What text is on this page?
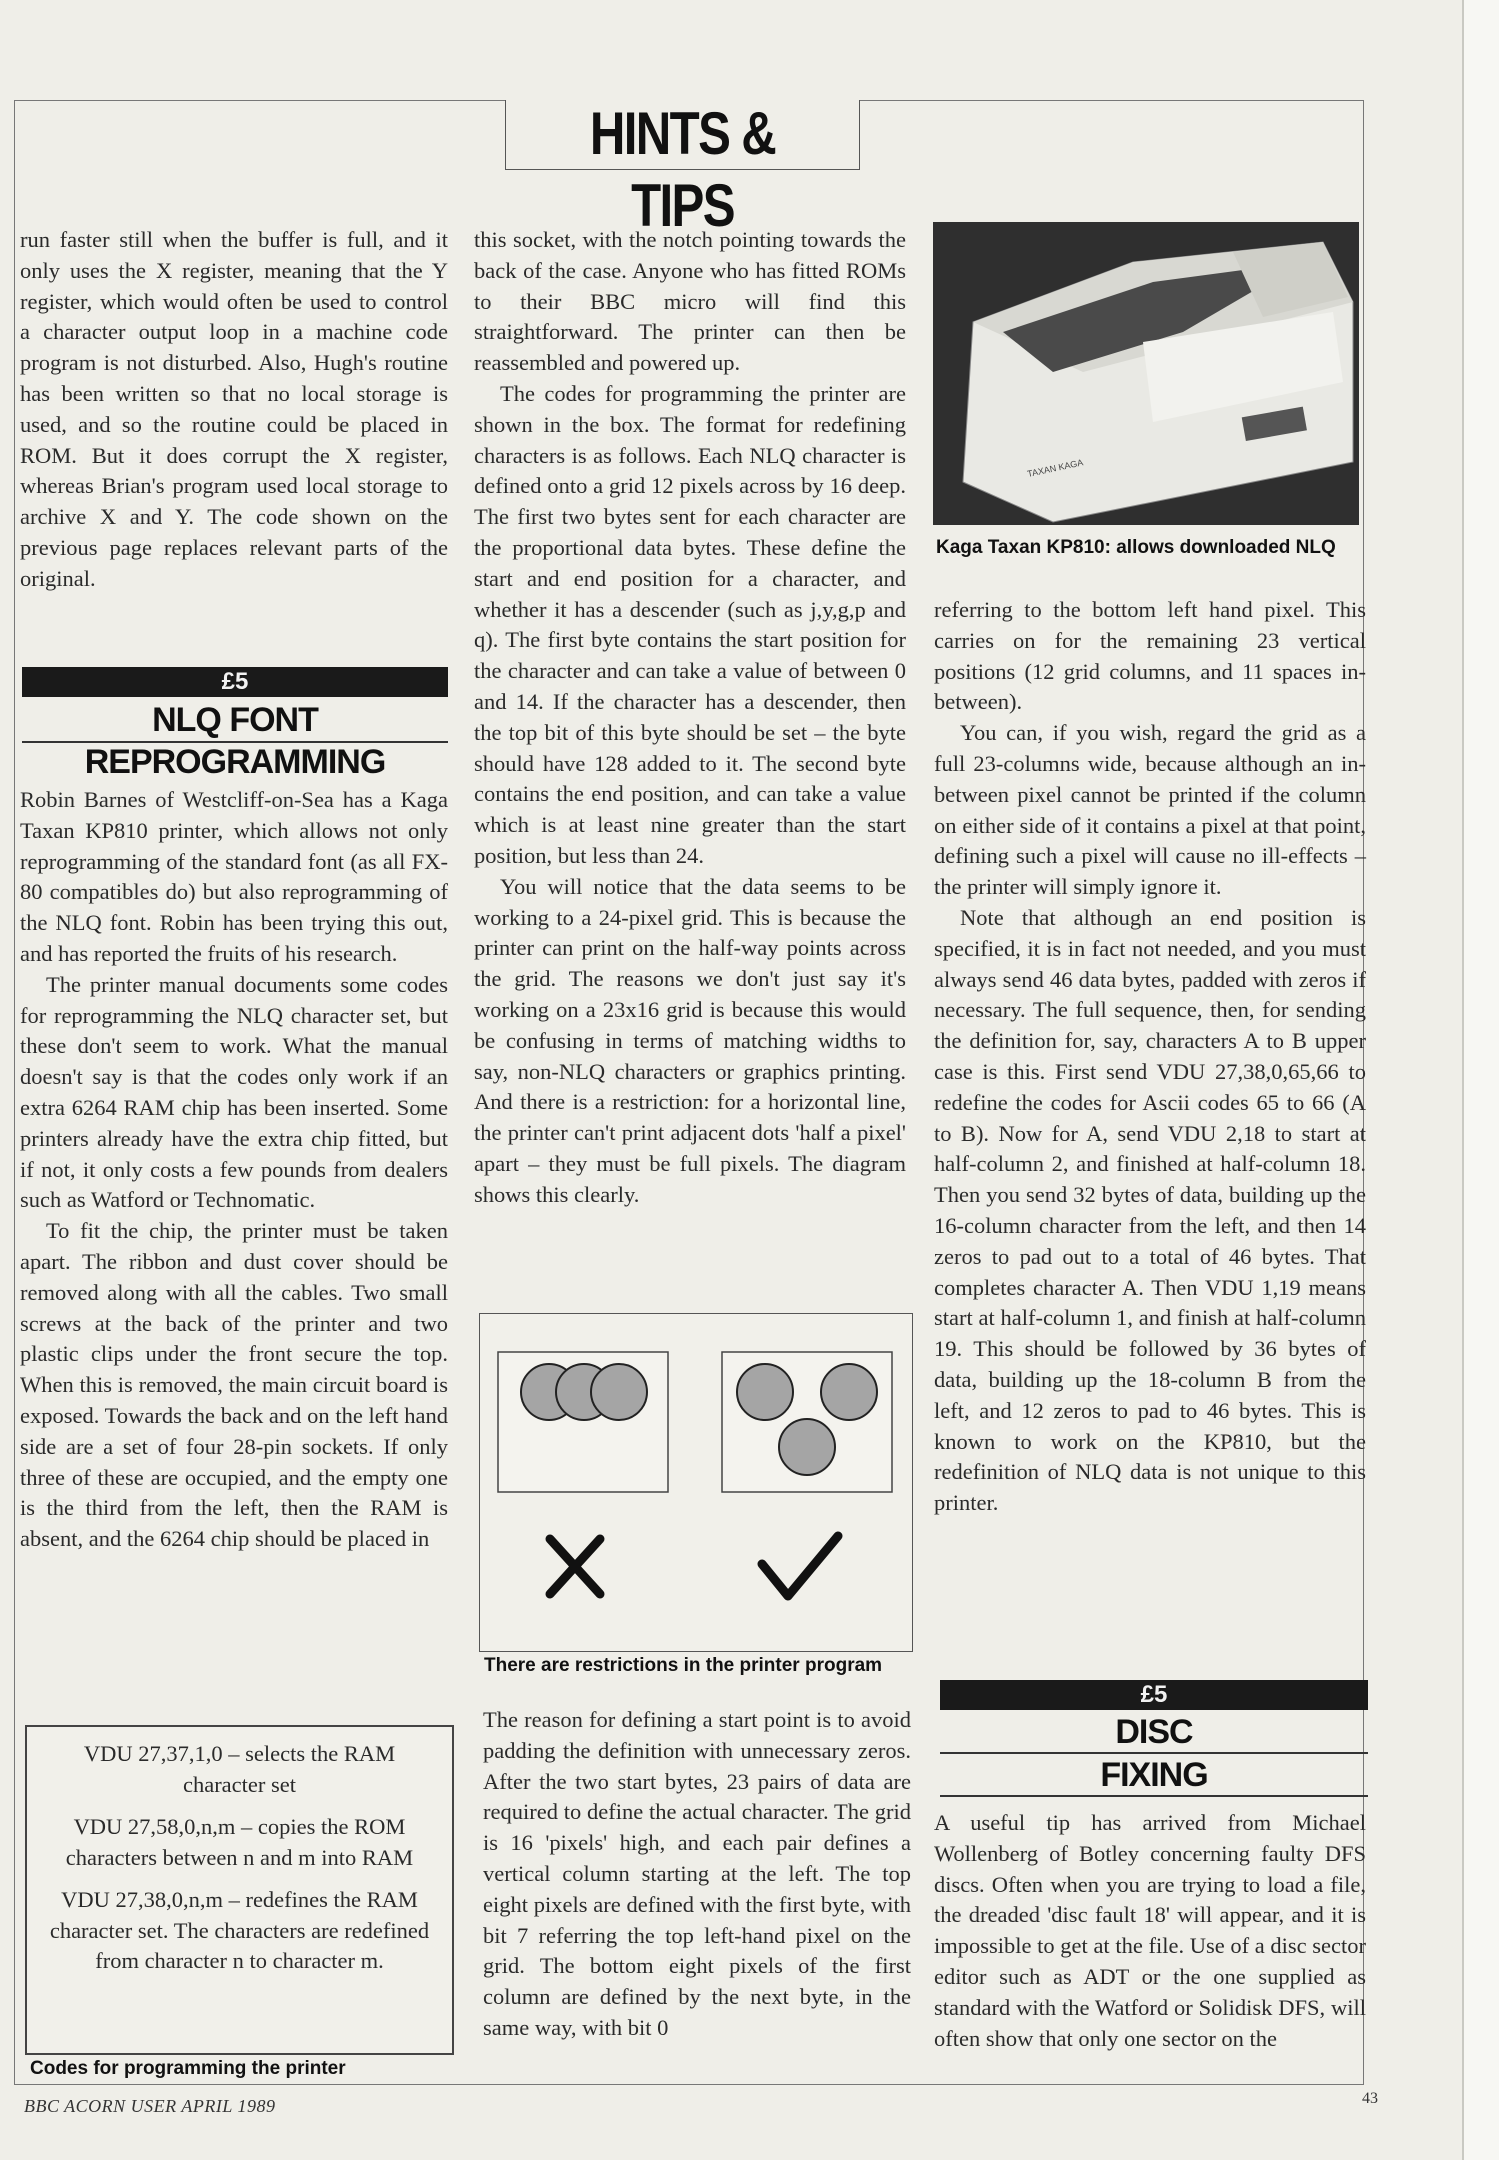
HINTS & TIPS

run faster still when the buffer is full, and it only uses the X register, meaning that the Y register, which would often be used to control a character output loop in a machine code program is not disturbed. Also, Hugh's routine has been written so that no local storage is used, and so the routine could be placed in ROM. But it does corrupt the X register, whereas Brian's program used local storage to archive X and Y. The code shown on the previous page replaces relevant parts of the original.

£5
NLQ FONT
REPROGRAMMING

Robin Barnes of Westcliff-on-Sea has a Kaga Taxan KP810 printer, which allows not only reprogramming of the standard font (as all FX-80 compatibles do) but also reprogramming of the NLQ font. Robin has been trying this out, and has reported the fruits of his research.

The printer manual documents some codes for reprogramming the NLQ character set, but these don't seem to work. What the manual doesn't say is that the codes only work if an extra 6264 RAM chip has been inserted. Some printers already have the extra chip fitted, but if not, it only costs a few pounds from dealers such as Watford or Technomatic.

To fit the chip, the printer must be taken apart. The ribbon and dust cover should be removed along with all the cables. Two small screws at the back of the printer and two plastic clips under the front secure the top. When this is removed, the main circuit board is exposed. Towards the back and on the left hand side are a set of four 28-pin sockets. If only three of these are occupied, and the empty one is the third from the left, then the RAM is absent, and the 6264 chip should be placed in

VDU 27,37,1,0 – selects the RAM character set

VDU 27,58,0,n,m – copies the ROM characters between n and m into RAM

VDU 27,38,0,n,m – redefines the RAM character set. The characters are redefined from character n to character m.

Codes for programming the printer

this socket, with the notch pointing towards the back of the case. Anyone who has fitted ROMs to their BBC micro will find this straightforward. The printer can then be reassembled and powered up.

The codes for programming the printer are shown in the box. The format for redefining characters is as follows. Each NLQ character is defined onto a grid 12 pixels across by 16 deep. The first two bytes sent for each character are the proportional data bytes. These define the start and end position for a character, and whether it has a descender (such as j,y,g,p and q). The first byte contains the start position for the character and can take a value of between 0 and 14. If the character has a descender, then the top bit of this byte should be set – the byte should have 128 added to it. The second byte contains the end position, and can take a value which is at least nine greater than the start position, but less than 24.

You will notice that the data seems to be working to a 24-pixel grid. This is because the printer can print on the half-way points across the grid. The reasons we don't just say it's working on a 23x16 grid is because this would be confusing in terms of matching widths to say, non-NLQ characters or graphics printing. And there is a restriction: for a horizontal line, the printer can't print adjacent dots 'half a pixel' apart – they must be full pixels. The diagram shows this clearly.

There are restrictions in the printer program

The reason for defining a start point is to avoid padding the definition with unnecessary zeros. After the two start bytes, 23 pairs of data are required to define the actual character. The grid is 16 'pixels' high, and each pair defines a vertical column starting at the left. The top eight pixels are defined with the first byte, with bit 7 referring the top left-hand pixel on the grid. The bottom eight pixels of the first column are defined by the next byte, in the same way, with bit 0

TAXAN KAGA
Kaga Taxan KP810: allows downloaded NLQ

referring to the bottom left hand pixel. This carries on for the remaining 23 vertical positions (12 grid columns, and 11 spaces in-between).

You can, if you wish, regard the grid as a full 23-columns wide, because although an in-between pixel cannot be printed if the column on either side of it contains a pixel at that point, defining such a pixel will cause no ill-effects – the printer will simply ignore it.

Note that although an end position is specified, it is in fact not needed, and you must always send 46 data bytes, padded with zeros if necessary. The full sequence, then, for sending the definition for, say, characters A to B upper case is this. First send VDU 27,38,0,65,66 to redefine the codes for Ascii codes 65 to 66 (A to B). Now for A, send VDU 2,18 to start at half-column 2, and finished at half-column 18. Then you send 32 bytes of data, building up the 16-column character from the left, and then 14 zeros to pad out to a total of 46 bytes. That completes character A. Then VDU 1,19 means start at half-column 1, and finish at half-column 19. This should be followed by 36 bytes of data, building up the 18-column B from the left, and 12 zeros to pad to 46 bytes. This is known to work on the KP810, but the redefinition of NLQ data is not unique to this printer.

£5
DISC
FIXING

A useful tip has arrived from Michael Wollenberg of Botley concerning faulty DFS discs. Often when you are trying to load a file, the dreaded 'disc fault 18' will appear, and it is impossible to get at the file. Use of a disc sector editor such as ADT or the one supplied as standard with the Watford or Solidisk DFS, will often show that only one sector on the

BBC ACORN USER APRIL 1989	43
